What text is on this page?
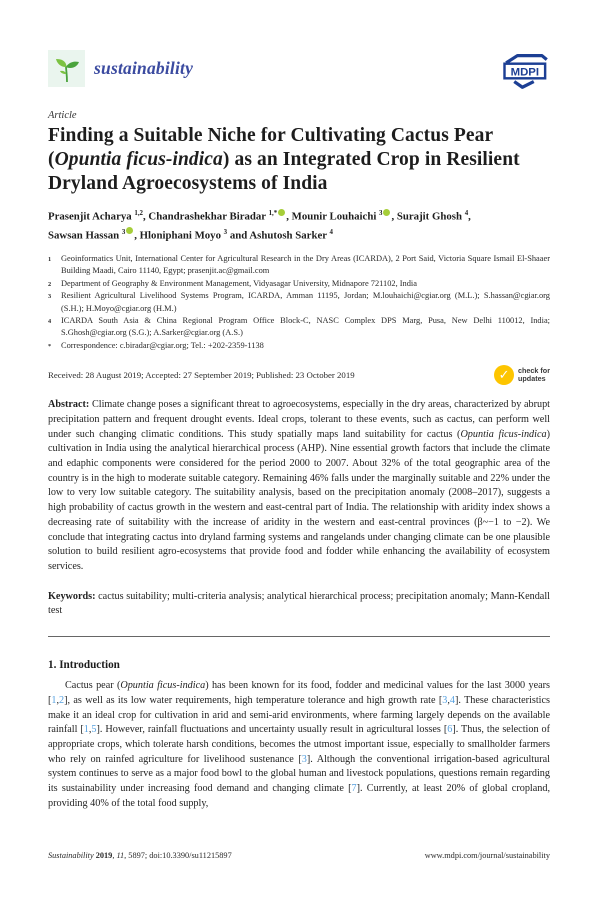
sustainability	MDPI
Article
Finding a Suitable Niche for Cultivating Cactus Pear (Opuntia ficus-indica) as an Integrated Crop in Resilient Dryland Agroecosystems of India
Prasenjit Acharya $^{1,2}$, Chandrashekhar Biradar $^{1,*}$ , Mounir Louhaichi $^3$ , Surajit Ghosh $^4$,
Sawsan Hassan $^3$ , Hloniphani Moyo $^3$ and Ashutosh Sarker $^4$
1	Geoinformatics Unit, International Center for Agricultural Research in the Dry Areas (ICARDA), 2 Port Said, Victoria Square Ismail El-Shaaer Building Maadi, Cairo 11140, Egypt; prasenjit.ac@gmail.com
2	Department of Geography & Environment Management, Vidyasagar University, Midnapore 721102, India
3	Resilient Agricultural Livelihood Systems Program, ICARDA, Amman 11195, Jordan; M.louhaichi@cgiar.org (M.L.); S.hassan@cgiar.org (S.H.); H.Moyo@cgiar.org (H.M.)
4	ICARDA South Asia & China Regional Program Office Block-C, NASC Complex DPS Marg, Pusa, New Delhi 110012, India; S.Ghosh@cgiar.org (S.G.); A.Sarker@cgiar.org (A.S.)
*	Correspondence: c.biradar@cgiar.org; Tel.: +202-2359-1138
Received: 28 August 2019; Accepted: 27 September 2019; Published: 23 October 2019	✓	check for
updates
Abstract: Climate change poses a significant threat to agroecosystems, especially in the dry areas, characterized by abrupt precipitation pattern and frequent drought events. Ideal crops, tolerant to these events, such as cactus, can perform well under such changing climatic conditions. This study spatially maps land suitability for cactus (Opuntia ficus-indica) cultivation in India using the analytical hierarchical process (AHP). Nine essential growth factors that include the climate and edaphic components were considered for the period 2000 to 2007. About 32% of the total geographic area of the country is in the high to moderate suitable category. Remaining 46% falls under the marginally suitable and 22% under the low to very low suitable category. The suitability analysis, based on the precipitation anomaly (2008–2017), suggests a high probability of cactus growth in the western and east-central part of India. The relationship with aridity index shows a decreasing rate of suitability with the increase of aridity in the western and east-central provinces (β~−1 to −2). We conclude that integrating cactus into dryland farming systems and rangelands under changing climate can be one plausible solution to build resilient agro-ecosystems that provide food and fodder while enhancing the availability of ecosystem services.
Keywords: cactus suitability; multi-criteria analysis; analytical hierarchical process; precipitation anomaly; Mann-Kendall test
1. Introduction
Cactus pear (Opuntia ficus-indica) has been known for its food, fodder and medicinal values for the last 3000 years [1,2], as well as its low water requirements, high temperature tolerance and high growth rate [3,4]. These characteristics make it an ideal crop for cultivation in arid and semi-arid environments, where farming largely depends on the available rainfall [1,5]. However, rainfall fluctuations and uncertainty usually result in agricultural losses [6]. Thus, the selection of appropriate crops, which tolerate harsh conditions, becomes the utmost important issue, especially to smallholder farmers who rely on rainfed agriculture for livelihood sustenance [3]. Although the conventional irrigation-based agricultural system continues to serve as a major food bowl to the global human and livestock populations, questions remain regarding its sustainability under increasing food demand and changing climate [7]. Currently, at least 20% of global cropland, providing 40% of the total food supply,
Sustainability 2019, 11, 5897; doi:10.3390/su11215897	www.mdpi.com/journal/sustainability
